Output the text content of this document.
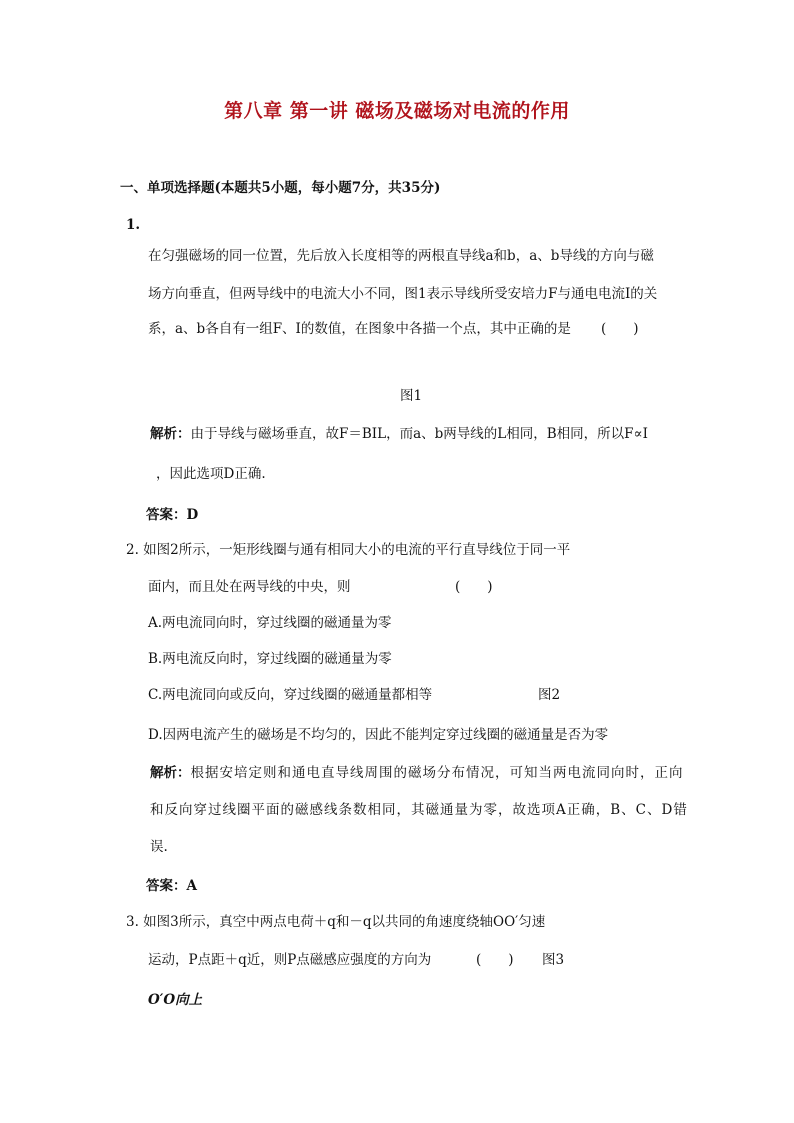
第八章 第一讲 磁场及磁场对电流的作用
一、单项选择题(本题共5小题，每小题7分，共35分)
1.
在匀强磁场的同一位置，先后放入长度相等的两根直导线a和b，a、b导线的方向与磁
场方向垂直，但两导线中的电流大小不同，图1表示导线所受安培力F与通电电流I的关
系，a、b各自有一组F、I的数值，在图象中各描一个点，其中正确的是 (　　)
图1
解析：由于导线与磁场垂直，故F＝BIL，而a、b两导线的L相同，B相同，所以F∝I
，因此选项D正确.
答案：D
2. 如图2所示，一矩形线圈与通有相同大小的电流的平行直导线位于同一平
面内，而且处在两导线的中央，则	(　　)
A.两电流同向时，穿过线圈的磁通量为零
B.两电流反向时，穿过线圈的磁通量为零
C.两电流同向或反向，穿过线圈的磁通量都相等	图2
D.因两电流产生的磁场是不均匀的，因此不能判定穿过线圈的磁通量是否为零
解析：根据安培定则和通电直导线周围的磁场分布情况，可知当两电流同向时，正向
和反向穿过线圈平面的磁感线条数相同，其磁通量为零，故选项A正确，B、C、D错
误.
答案：A
3. 如图3所示，真空中两点电荷＋q和－q以共同的角速度绕轴OO′匀速
运动，P点距＋q近，则P点磁感应强度的方向为	(　　) 图3
O′O向上
